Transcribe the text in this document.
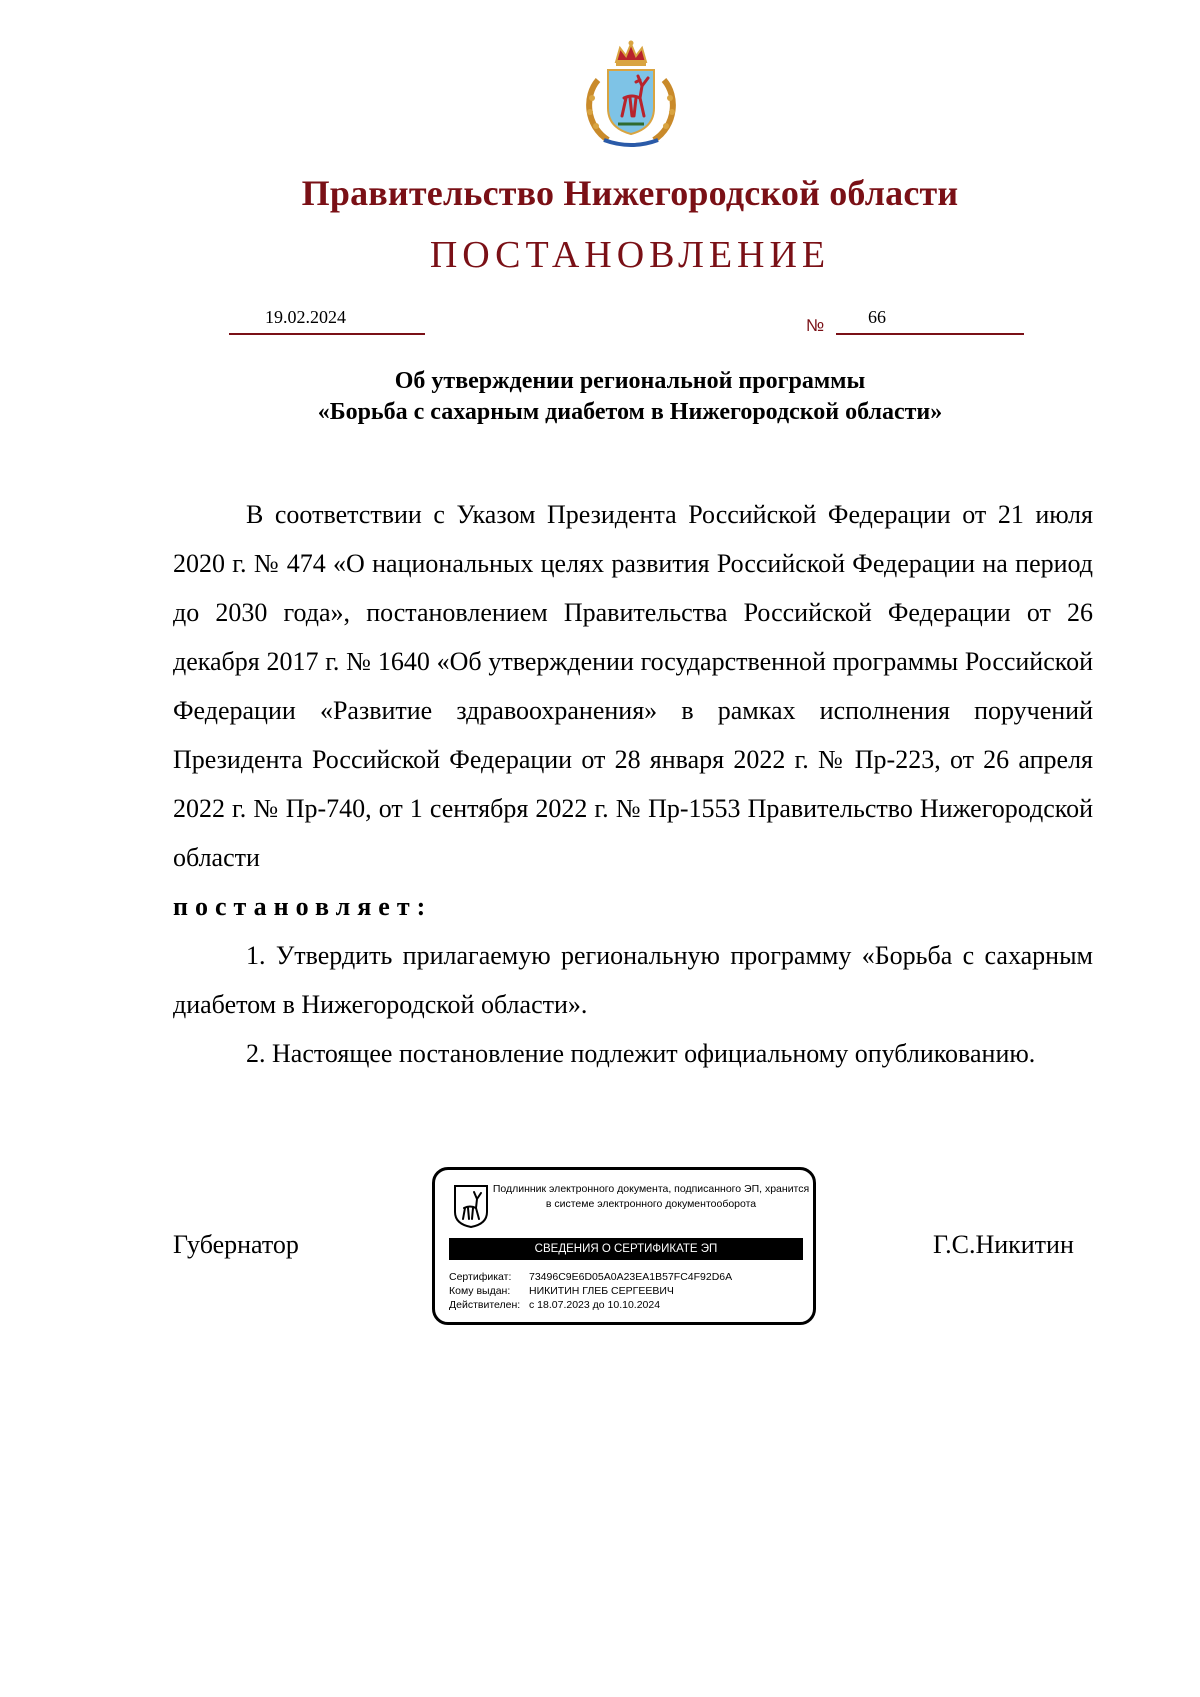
Правительство Нижегородской области
ПОСТАНОВЛЕНИЕ
19.02.2024	№ 66
Об утверждении региональной программы
«Борьба с сахарным диабетом в Нижегородской области»

В соответствии с Указом Президента Российской Федерации от 21 июля 2020 г. № 474 «О национальных целях развития Российской Федерации на период до 2030 года», постановлением Правительства Российской Федерации от 26 декабря 2017 г. № 1640 «Об утверждении государственной программы Российской Федерации «Развитие здравоохранения» в рамках исполнения поручений Президента Российской Федерации от 28 января 2022 г. № Пр-223, от 26 апреля 2022 г. № Пр-740, от 1 сентября 2022 г. № Пр-1553 Правительство Нижегородской области

постановляет:

1. Утвердить прилагаемую региональную программу «Борьба с сахарным диабетом в Нижегородской области».

2. Настоящее постановление подлежит официальному опубликованию.

Губернатор	Г.С.Никитин
Подлинник электронного документа, подписанного ЭП, хранится в системе электронного документооборота
СВЕДЕНИЯ О СЕРТИФИКАТЕ ЭП
Сертификат: 73496C9E6D05A0A23EA1B57FC4F92D6A
Кому выдан: НИКИТИН ГЛЕБ СЕРГЕЕВИЧ
Действителен: с 18.07.2023 до 10.10.2024
